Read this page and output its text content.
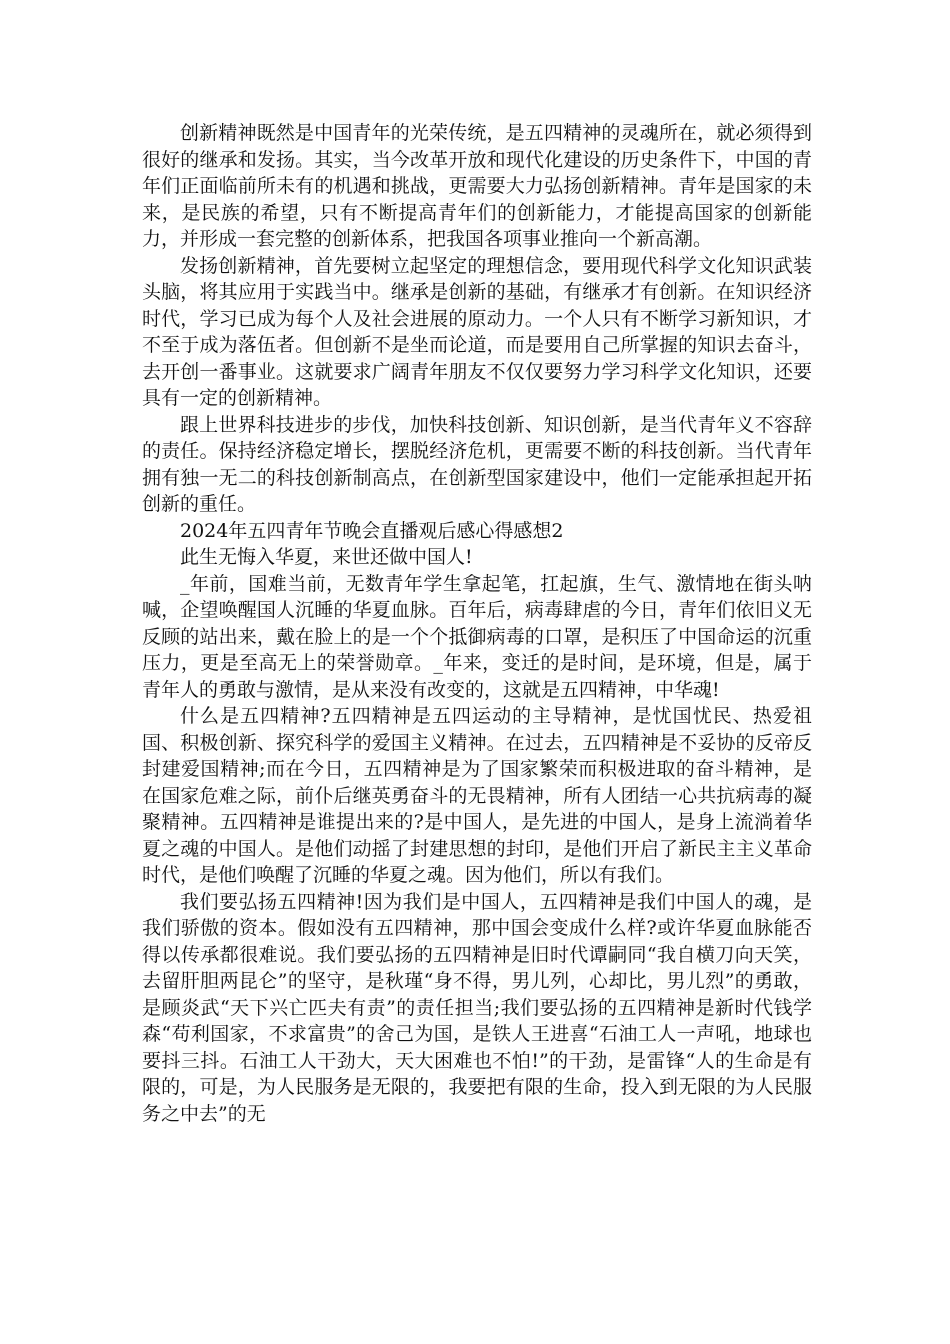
创新精神既然是中国青年的光荣传统，是五四精神的灵魂所在，就必须得到很好的继承和发扬。其实，当今改革开放和现代化建设的历史条件下，中国的青年们正面临前所未有的机遇和挑战，更需要大力弘扬创新精神。青年是国家的未来，是民族的希望，只有不断提高青年们的创新能力，才能提高国家的创新能力，并形成一套完整的创新体系，把我国各项事业推向一个新高潮。

发扬创新精神，首先要树立起坚定的理想信念，要用现代科学文化知识武装头脑，将其应用于实践当中。继承是创新的基础，有继承才有创新。在知识经济时代，学习已成为每个人及社会进展的原动力。一个人只有不断学习新知识，才不至于成为落伍者。但创新不是坐而论道，而是要用自己所掌握的知识去奋斗，去开创一番事业。这就要求广阔青年朋友不仅仅要努力学习科学文化知识，还要具有一定的创新精神。

跟上世界科技进步的步伐，加快科技创新、知识创新，是当代青年义不容辞的责任。保持经济稳定增长，摆脱经济危机，更需要不断的科技创新。当代青年拥有独一无二的科技创新制高点，在创新型国家建设中，他们一定能承担起开拓创新的重任。

2024年五四青年节晚会直播观后感心得感想2

此生无悔入华夏，来世还做中国人!

_年前，国难当前，无数青年学生拿起笔，扛起旗，生气、激情地在街头呐喊，企望唤醒国人沉睡的华夏血脉。百年后，病毒肆虐的今日，青年们依旧义无反顾的站出来，戴在脸上的是一个个抵御病毒的口罩，是积压了中国命运的沉重压力，更是至高无上的荣誉勋章。_年来，变迁的是时间，是环境，但是，属于青年人的勇敢与激情，是从来没有改变的，这就是五四精神，中华魂!

什么是五四精神?五四精神是五四运动的主导精神，是忧国忧民、热爱祖国、积极创新、探究科学的爱国主义精神。在过去，五四精神是不妥协的反帝反封建爱国精神;而在今日，五四精神是为了国家繁荣而积极进取的奋斗精神，是在国家危难之际，前仆后继英勇奋斗的无畏精神，所有人团结一心共抗病毒的凝聚精神。五四精神是谁提出来的?是中国人，是先进的中国人，是身上流淌着华夏之魂的中国人。是他们动摇了封建思想的封印，是他们开启了新民主主义革命时代，是他们唤醒了沉睡的华夏之魂。因为他们，所以有我们。

我们要弘扬五四精神!因为我们是中国人，五四精神是我们中国人的魂，是我们骄傲的资本。假如没有五四精神，那中国会变成什么样?或许华夏血脉能否得以传承都很难说。我们要弘扬的五四精神是旧时代谭嗣同“我自横刀向天笑，去留肝胆两昆仑”的坚守，是秋瑾“身不得，男儿列，心却比，男儿烈”的勇敢，是顾炎武“天下兴亡匹夫有责”的责任担当;我们要弘扬的五四精神是新时代钱学森“苟利国家，不求富贵”的舍己为国，是铁人王进喜“石油工人一声吼，地球也要抖三抖。石油工人干劲大，天大困难也不怕!”的干劲，是雷锋“人的生命是有限的，可是，为人民服务是无限的，我要把有限的生命，投入到无限的为人民服务之中去”的无
